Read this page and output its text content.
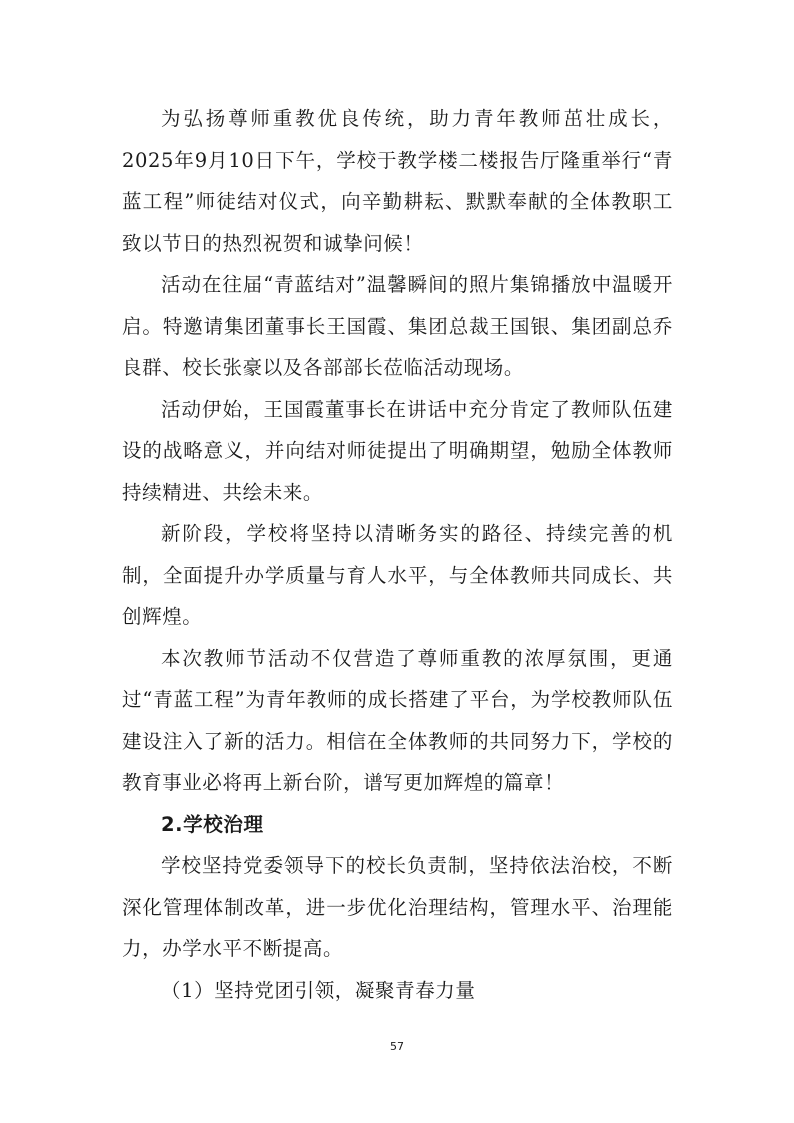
为弘扬尊师重教优良传统，助力青年教师茁壮成长，2025年9月10日下午，学校于教学楼二楼报告厅隆重举行“青蓝工程”师徒结对仪式，向辛勤耕耘、默默奉献的全体教职工致以节日的热烈祝贺和诚挚问候！

活动在往届“青蓝结对”温馨瞬间的照片集锦播放中温暖开启。特邀请集团董事长王国霞、集团总裁王国银、集团副总乔良群、校长张豪以及各部部长莅临活动现场。

活动伊始，王国霞董事长在讲话中充分肯定了教师队伍建设的战略意义，并向结对师徒提出了明确期望，勉励全体教师持续精进、共绘未来。

新阶段，学校将坚持以清晰务实的路径、持续完善的机制，全面提升办学质量与育人水平，与全体教师共同成长、共创辉煌。

本次教师节活动不仅营造了尊师重教的浓厚氛围，更通过“青蓝工程”为青年教师的成长搭建了平台，为学校教师队伍建设注入了新的活力。相信在全体教师的共同努力下，学校的教育事业必将再上新台阶，谱写更加辉煌的篇章！

2.学校治理

学校坚持党委领导下的校长负责制，坚持依法治校，不断深化管理体制改革，进一步优化治理结构，管理水平、治理能力，办学水平不断提高。

（1）坚持党团引领，凝聚青春力量

57
